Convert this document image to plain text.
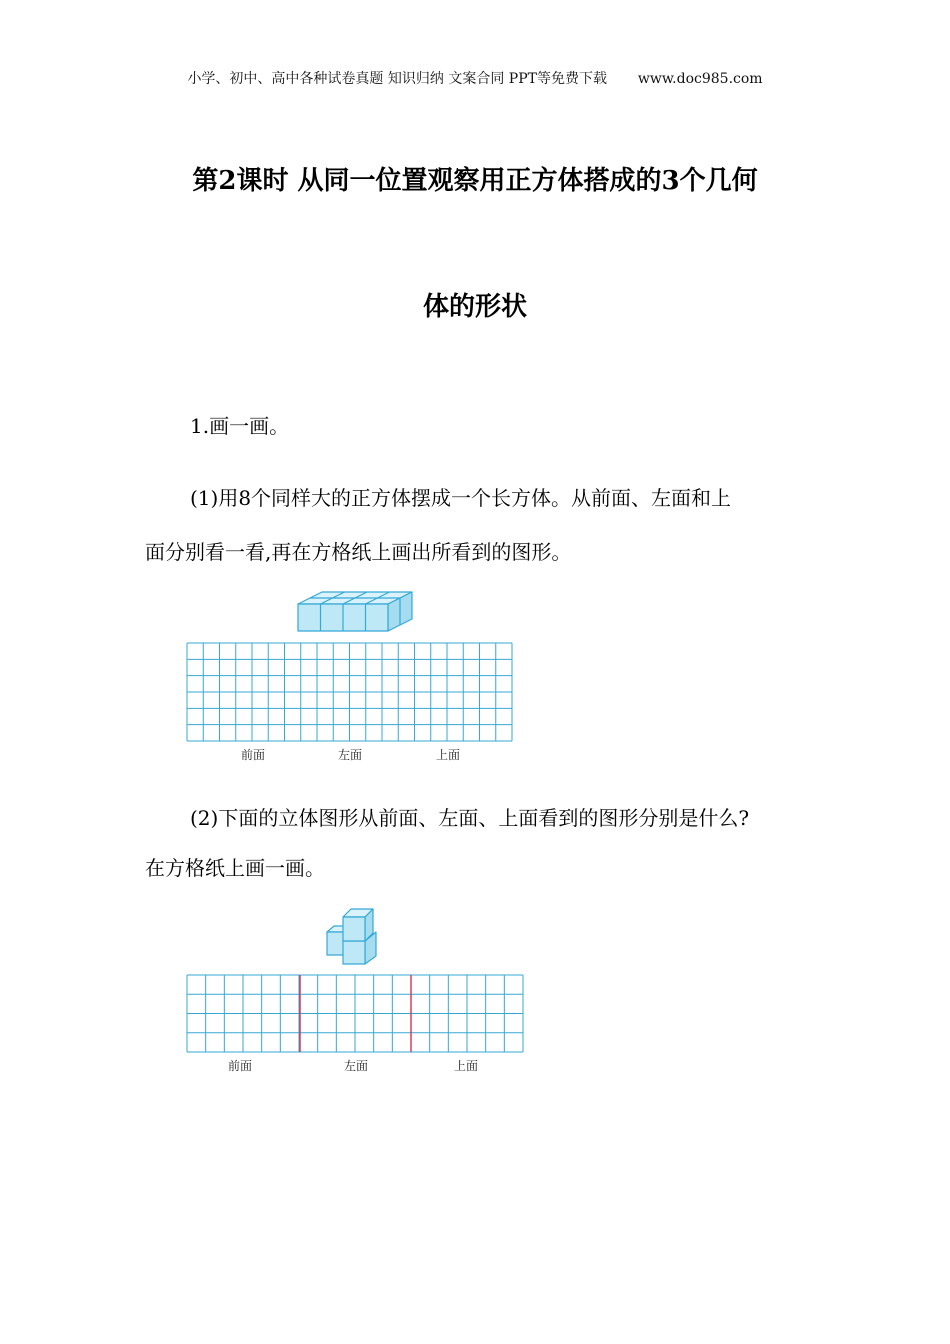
小学、初中、高中各种试卷真题 知识归纳 文案合同 PPT等免费下载 www.doc985.com
第2课时 从同一位置观察用正方体搭成的3个几何
体的形状
1.画一画。
(1)用8个同样大的正方体摆成一个长方体。从前面、左面和上
面分别看一看,再在方格纸上画出所看到的图形。
前面	左面	上面
(2)下面的立体图形从前面、左面、上面看到的图形分别是什么?
在方格纸上画一画。
前面	左面	上面
